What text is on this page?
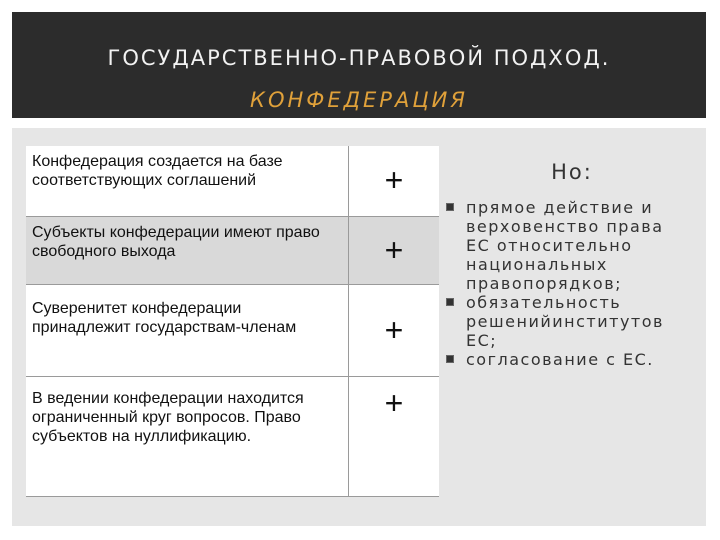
ГОСУДАРСТВЕННО-ПРАВОВОЙ ПОДХОД.
КОНФЕДЕРАЦИЯ
Конфедерация создается на базе соответствующих соглашений	+
Субъекты конфедерации имеют право свободного выхода	+
Суверенитет конфедерации принадлежит государствам-членам	+
В ведении конфедерации находится ограниченный круг вопросов. Право субъектов на нуллификацию.	+
Но:
прямое действие и верховенство права ЕС относительно национальных правопорядков;
обязательность решенийинститутов ЕС;
согласование с ЕС.
